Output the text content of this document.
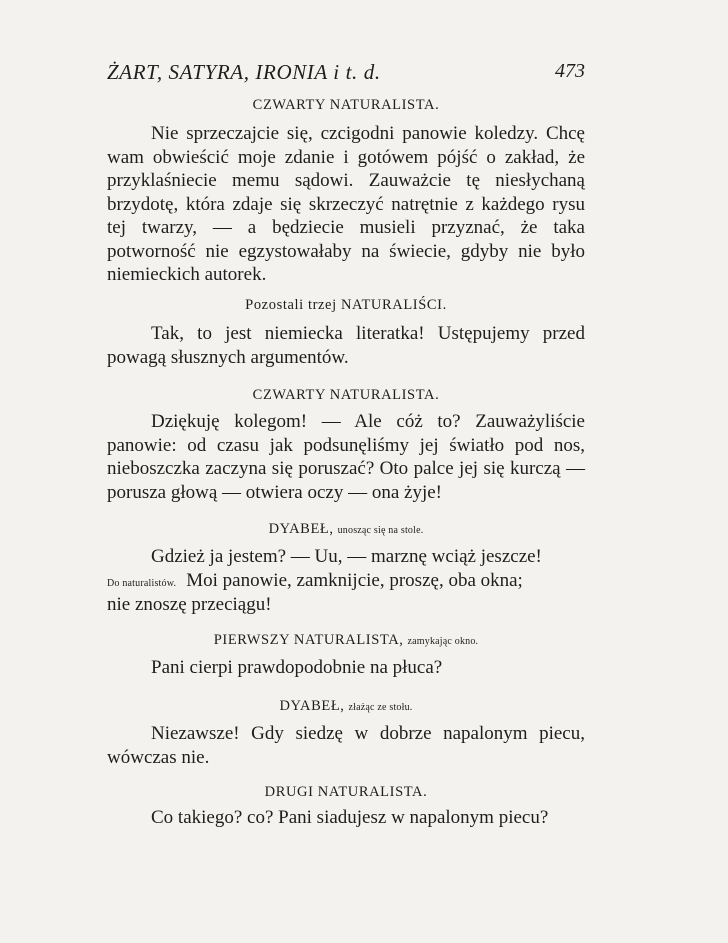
ŻART, SATYRA, IRONIA i t. d.	473
CZWARTY NATURALISTA.

Nie sprzeczajcie się, czcigodni panowie koledzy. Chcę wam obwieścić moje zdanie i gotówem pójść o zakład, że przyklaśniecie memu sądowi. Zauważcie tę niesłychaną brzydotę, która zdaje się skrzeczyć natrętnie z każdego rysu tej twarzy, — a będziecie musieli przyznać, że taka potworność nie egzystowałaby na świecie, gdyby nie było niemieckich autorek.

Pozostali trzej NATURALIŚCI.

Tak, to jest niemiecka literatka! Ustępujemy przed powagą słusznych argumentów.

CZWARTY NATURALISTA.

Dziękuję kolegom! — Ale cóż to? Zauważyliście panowie: od czasu jak podsunęliśmy jej światło pod nos, nieboszczka zaczyna się poruszać? Oto palce jej się kurczą — porusza głową — otwiera oczy — ona żyje!

DYABEŁ, unosząc się na stole.
Gdzież ja jestem? — Uu, — marznę wciąż jeszcze!
Do naturalistów. Moi panowie, zamknijcie, proszę, oba okna;
nie znoszę przeciągu!
PIERWSZY NATURALISTA, zamykając okno.
Pani cierpi prawdopodobnie na płuca?
DYABEŁ, złażąc ze stołu.

Niezawsze! Gdy siedzę w dobrze napalonym piecu, wówczas nie.

DRUGI NATURALISTA.
Co takiego? co? Pani siadujesz w napalonym piecu?
